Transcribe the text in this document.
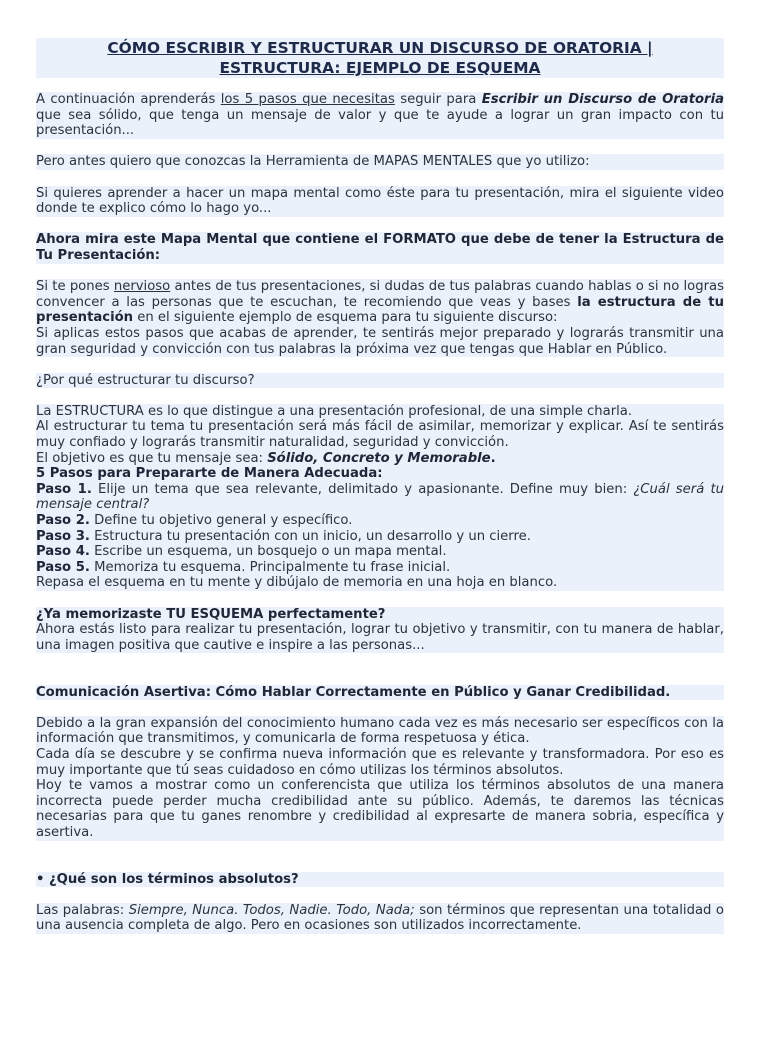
CÓMO ESCRIBIR Y ESTRUCTURAR UN DISCURSO DE ORATORIA |
ESTRUCTURA: EJEMPLO DE ESQUEMA

A continuación aprenderás los 5 pasos que necesitas seguir para Escribir un Discurso de Oratoria que sea sólido, que tenga un mensaje de valor y que te ayude a lograr un gran impacto con tu presentación...

Pero antes quiero que conozcas la Herramienta de MAPAS MENTALES que yo utilizo:

Si quieres aprender a hacer un mapa mental como éste para tu presentación, mira el siguiente video donde te explico cómo lo hago yo...

Ahora mira este Mapa Mental que contiene el FORMATO que debe de tener la Estructura de Tu Presentación:

Si te pones nervioso antes de tus presentaciones, si dudas de tus palabras cuando hablas o si no logras convencer a las personas que te escuchan, te recomiendo que veas y bases la estructura de tu presentación en el siguiente ejemplo de esquema para tu siguiente discurso:

Si aplicas estos pasos que acabas de aprender, te sentirás mejor preparado y lograrás transmitir una gran seguridad y convicción con tus palabras la próxima vez que tengas que Hablar en Público.

¿Por qué estructurar tu discurso?

La ESTRUCTURA es lo que distingue a una presentación profesional, de una simple charla.

Al estructurar tu tema tu presentación será más fácil de asimilar, memorizar y explicar. Así te sentirás muy confiado y lograrás transmitir naturalidad, seguridad y convicción.

El objetivo es que tu mensaje sea: Sólido, Concreto y Memorable.

5 Pasos para Prepararte de Manera Adecuada:

Paso 1. Elije un tema que sea relevante, delimitado y apasionante. Define muy bien: ¿Cuál será tu mensaje central?

Paso 2. Define tu objetivo general y específico.

Paso 3. Estructura tu presentación con un inicio, un desarrollo y un cierre.

Paso 4. Escribe un esquema, un bosquejo o un mapa mental.

Paso 5. Memoriza tu esquema. Principalmente tu frase inicial.

Repasa el esquema en tu mente y dibújalo de memoria en una hoja en blanco.

¿Ya memorizaste TU ESQUEMA perfectamente?

Ahora estás listo para realizar tu presentación, lograr tu objetivo y transmitir, con tu manera de hablar, una imagen positiva que cautive e inspire a las personas...

Comunicación Asertiva: Cómo Hablar Correctamente en Público y Ganar Credibilidad.

Debido a la gran expansión del conocimiento humano cada vez es más necesario ser específicos con la información que transmitimos, y comunicarla de forma respetuosa y ética.

Cada día se descubre y se confirma nueva información que es relevante y transformadora. Por eso es muy importante que tú seas cuidadoso en cómo utilizas los términos absolutos.

Hoy te vamos a mostrar como un conferencista que utiliza los términos absolutos de una manera incorrecta puede perder mucha credibilidad ante su público. Además, te daremos las técnicas necesarias para que tu ganes renombre y credibilidad al expresarte de manera sobria, específica y asertiva.

• ¿Qué son los términos absolutos?

Las palabras: Siempre, Nunca. Todos, Nadie. Todo, Nada; son términos que representan una totalidad o una ausencia completa de algo. Pero en ocasiones son utilizados incorrectamente.
